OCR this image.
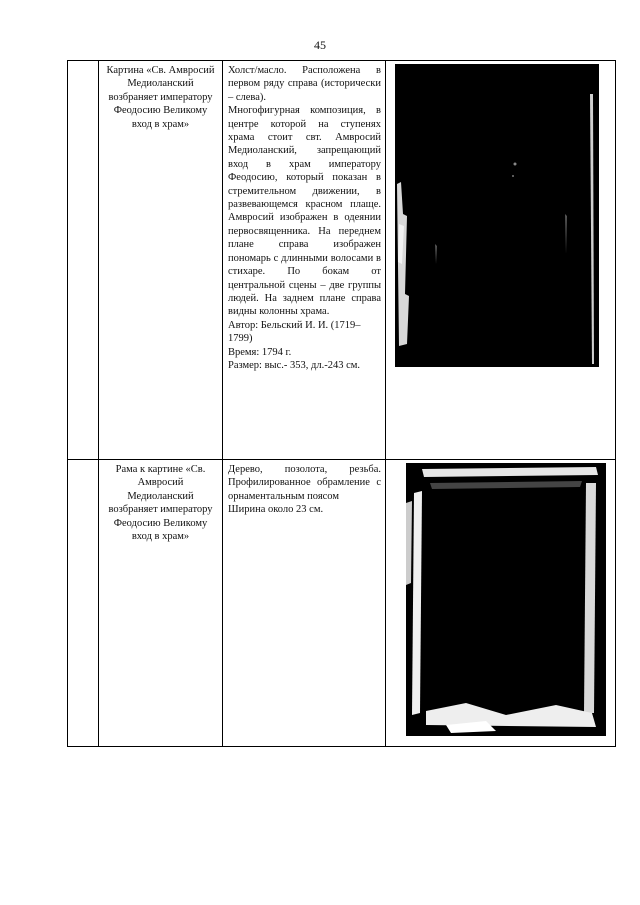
45
	Картина «Св. Амвросий Медиоланский возбраняет императору Феодосию Великому вход в храм»	Холст/масло. Расположена в первом ряду справа (исторически – слева).

Многофигурная композиция, в центре которой на ступенях храма стоит свт. Амвросий Медиоланский, запрещающий вход в храм императору Феодосию, который показан в стремительном движении, в развевающемся красном плаще. Амвросий изображен в одеянии первосвященника. На переднем плане справа изображен пономарь с длинными волосами в стихаре. По бокам от центральной сцены – две группы людей. На заднем плане справа видны колонны храма.

Автор: Бельский И. И. (1719–1799)

Время: 1794 г.

Размер: выс.- 353, дл.-243 см.

	Рама к картине «Св. Амвросий Медиоланский возбраняет императору Феодосию Великому вход в храм»	Дерево, позолота, резьба. Профилированное обрамление с орнаментальным поясом

Ширина около 23 см.
